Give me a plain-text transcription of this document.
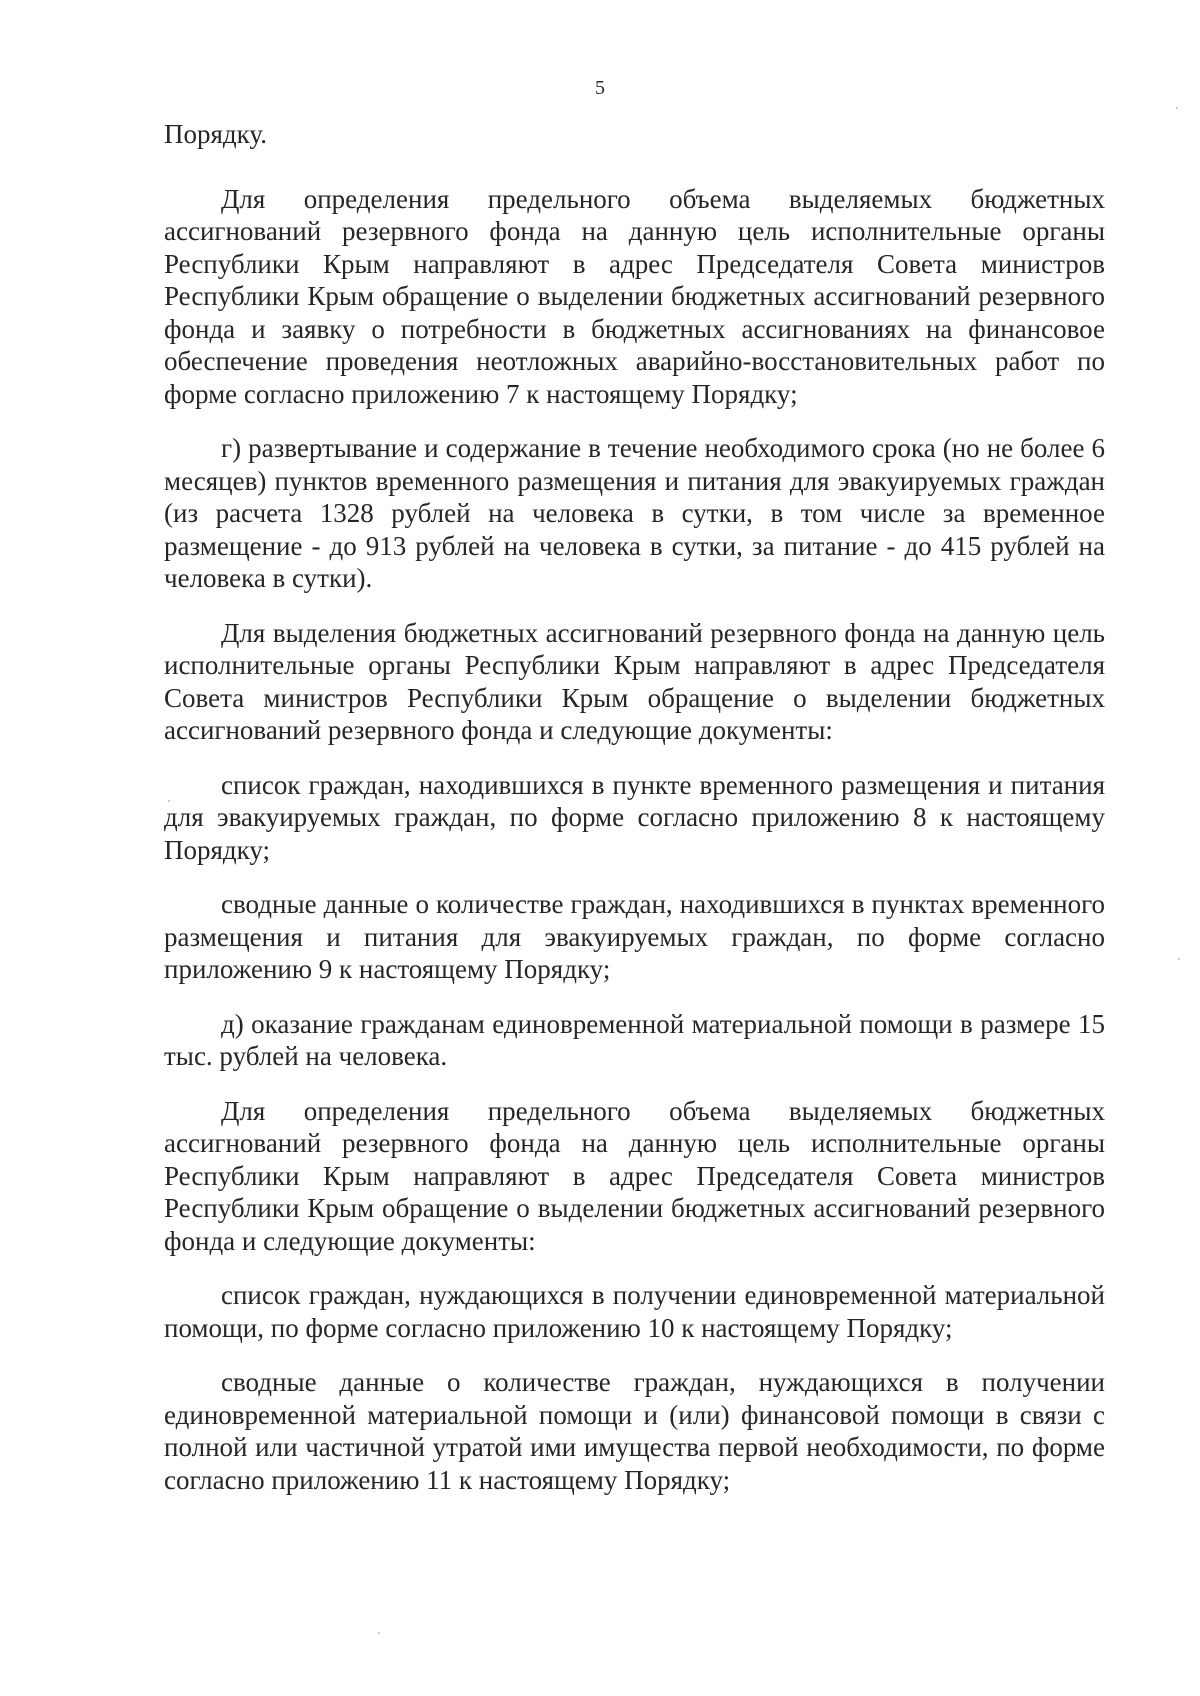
5

Порядку.

Для определения предельного объема выделяемых бюджетных ассигнований резервного фонда на данную цель исполнительные органы Республики Крым направляют в адрес Председателя Совета министров Республики Крым обращение о выделении бюджетных ассигнований резервного фонда и заявку о потребности в бюджетных ассигнованиях на финансовое обеспечение проведения неотложных аварийно-восстановительных работ по форме согласно приложению 7 к настоящему Порядку;

г) развертывание и содержание в течение необходимого срока (но не более 6 месяцев) пунктов временного размещения и питания для эвакуируемых граждан (из расчета 1328 рублей на человека в сутки, в том числе за временное размещение - до 913 рублей на человека в сутки, за питание - до 415 рублей на человека в сутки).

Для выделения бюджетных ассигнований резервного фонда на данную цель исполнительные органы Республики Крым направляют в адрес Председателя Совета министров Республики Крым обращение о выделении бюджетных ассигнований резервного фонда и следующие документы:

список граждан, находившихся в пункте временного размещения и питания для эвакуируемых граждан, по форме согласно приложению 8 к настоящему Порядку;

сводные данные о количестве граждан, находившихся в пунктах временного размещения и питания для эвакуируемых граждан, по форме согласно приложению 9 к настоящему Порядку;

д) оказание гражданам единовременной материальной помощи в размере 15 тыс. рублей на человека.

Для определения предельного объема выделяемых бюджетных ассигнований резервного фонда на данную цель исполнительные органы Республики Крым направляют в адрес Председателя Совета министров Республики Крым обращение о выделении бюджетных ассигнований резервного фонда и следующие документы:

список граждан, нуждающихся в получении единовременной материальной помощи, по форме согласно приложению 10 к настоящему Порядку;

сводные данные о количестве граждан, нуждающихся в получении единовременной материальной помощи и (или) финансовой помощи в связи с полной или частичной утратой ими имущества первой необходимости, по форме согласно приложению 11 к настоящему Порядку;
